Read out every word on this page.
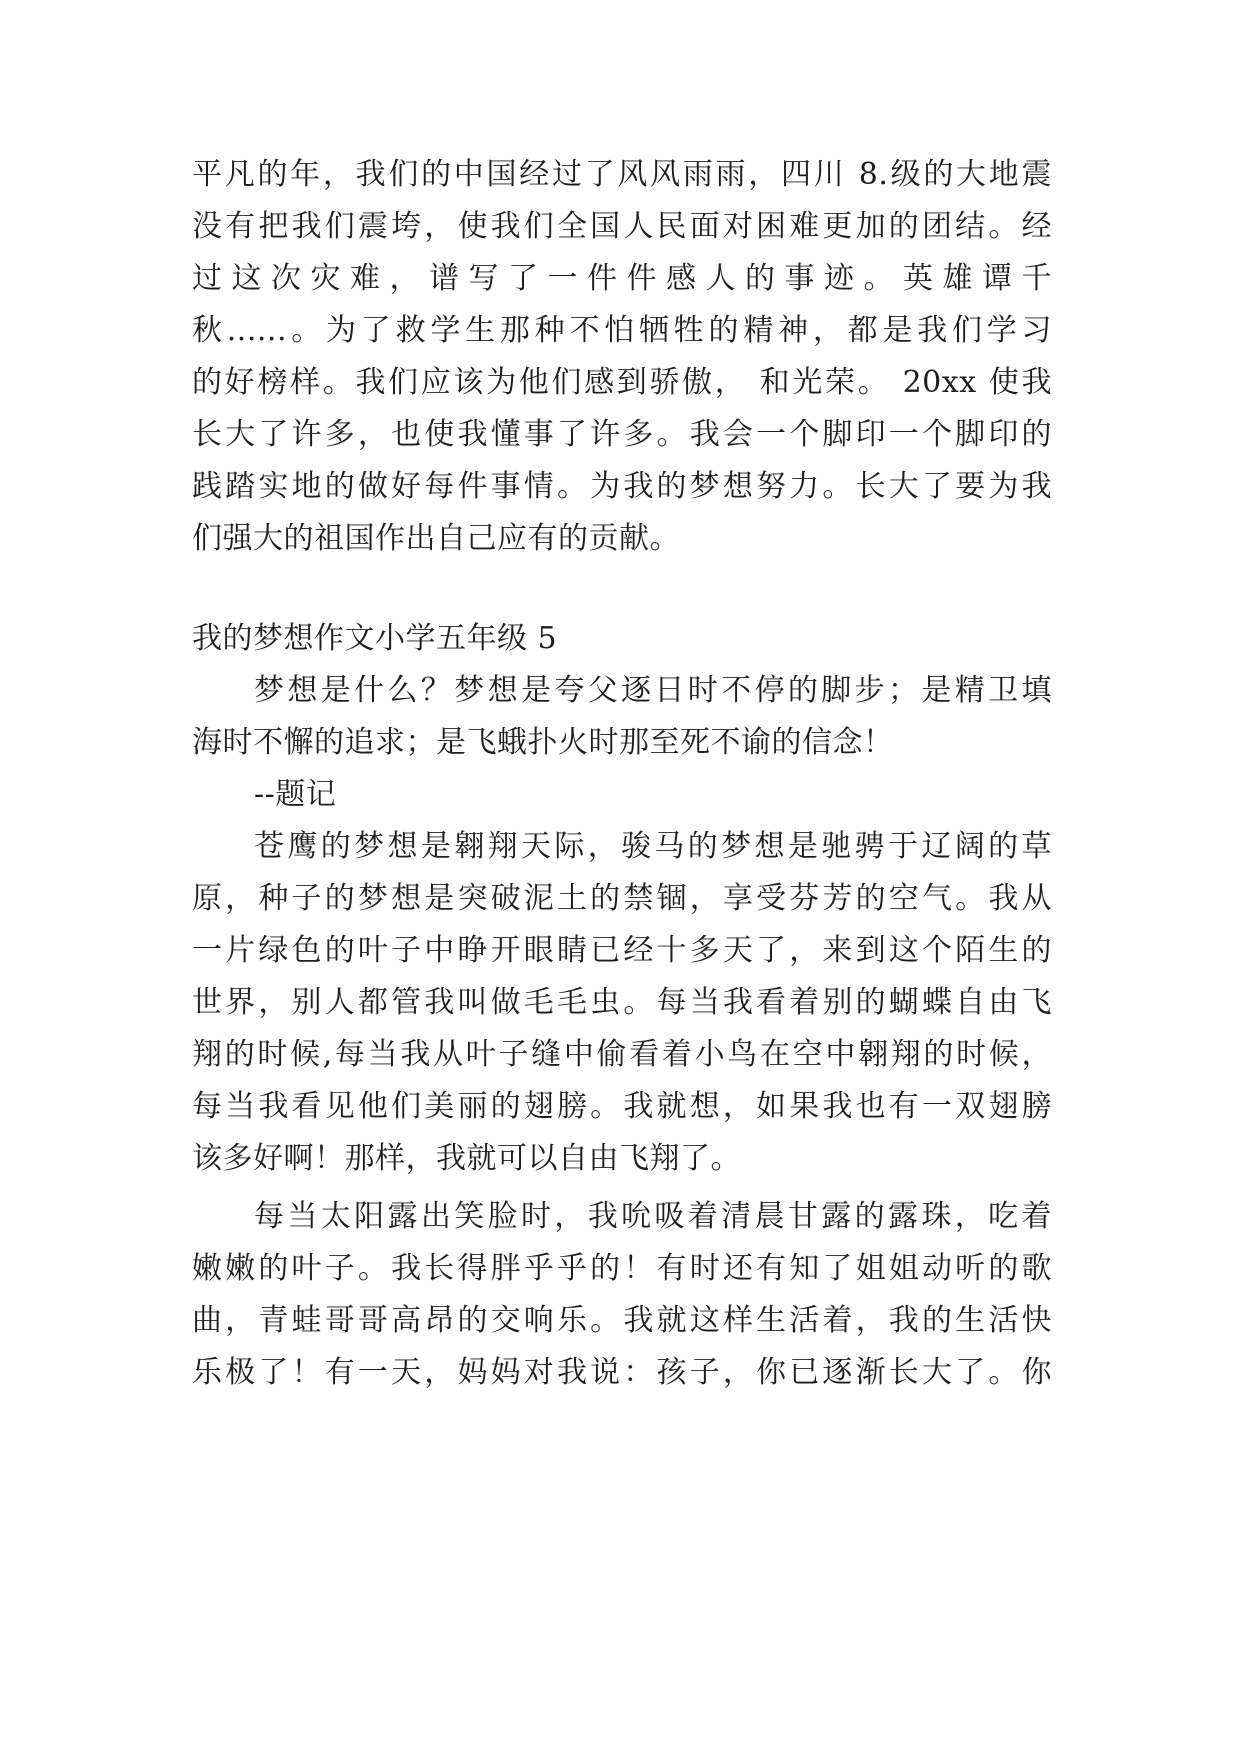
平凡的年，我们的中国经过了风风雨雨，四川 8.级的大地震
没有把我们震垮，使我们全国人民面对困难更加的团结。经
过这次灾难，谱写了一件件感人的事迹。英雄谭千
秋......。为了救学生那种不怕牺牲的精神，都是我们学习
的好榜样。我们应该为他们感到骄傲， 和光荣。 20xx 使我
长大了许多，也使我懂事了许多。我会一个脚印一个脚印的
践踏实地的做好每件事情。为我的梦想努力。长大了要为我
们强大的祖国作出自己应有的贡献。
我的梦想作文小学五年级 5
梦想是什么？梦想是夸父逐日时不停的脚步；是精卫填
海时不懈的追求；是飞蛾扑火时那至死不谕的信念！
--题记
苍鹰的梦想是翱翔天际，骏马的梦想是驰骋于辽阔的草
原，种子的梦想是突破泥土的禁锢，享受芬芳的空气。我从
一片绿色的叶子中睁开眼睛已经十多天了，来到这个陌生的
世界，别人都管我叫做毛毛虫。每当我看着别的蝴蝶自由飞
翔的时候,每当我从叶子缝中偷看着小鸟在空中翱翔的时候，
每当我看见他们美丽的翅膀。我就想，如果我也有一双翅膀
该多好啊！那样，我就可以自由飞翔了。
每当太阳露出笑脸时，我吮吸着清晨甘露的露珠，吃着
嫩嫩的叶子。我长得胖乎乎的！有时还有知了姐姐动听的歌
曲，青蛙哥哥高昂的交响乐。我就这样生活着，我的生活快
乐极了！有一天，妈妈对我说：孩子，你已逐渐长大了。你
